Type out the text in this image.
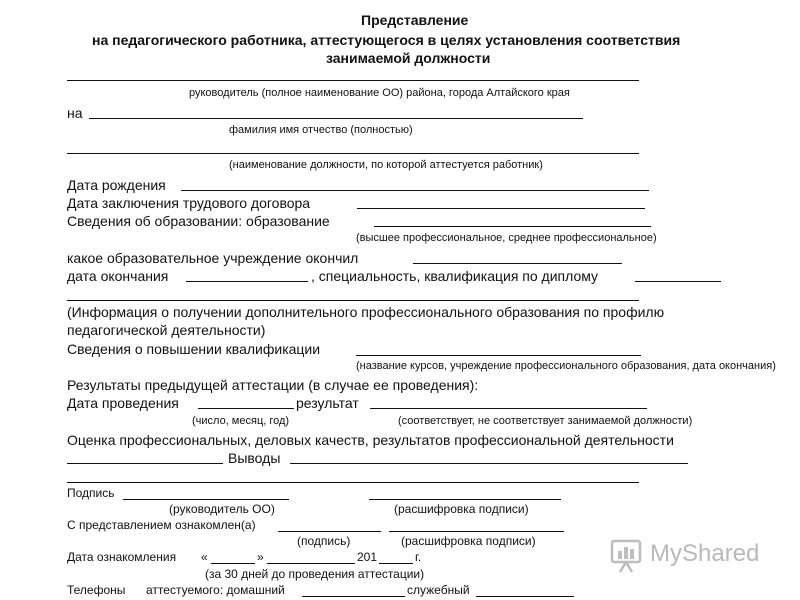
Представление
на педагогического работника, аттестующегося в целях установления соответствия
занимаемой должности
руководитель (полное наименование ОО) района, города Алтайского края
на
фамилия имя отчество (полностью)
(наименование должности, по которой аттестуется работник)
Дата рождения
Дата заключения трудового договора
Сведения об образовании: образование
(высшее профессиональное, среднее профессиональное)
какое образовательное учреждение окончил
дата окончания	, специальность, квалификация по диплому
(Информация о получении дополнительного профессионального образования по профилю
педагогической деятельности)
Сведения о повышении квалификации
(название курсов, учреждение профессионального образования, дата окончания)
Результаты предыдущей аттестации (в случае ее проведения):
Дата проведения	результат
(число, месяц, год)	(соответствует, не соответствует занимаемой должности)
Оценка профессиональных, деловых качеств, результатов профессиональной деятельности
Выводы
Подпись
(руководитель ОО)	(расшифровка подписи)
С представлением ознакомлен(а)
(подпись)	(расшифровка подписи)
Дата ознакомления «	»	201	г.
(за 30 дней до проведения аттестации)
Телефоны аттестуемого: домашний	служебный
MyShared
